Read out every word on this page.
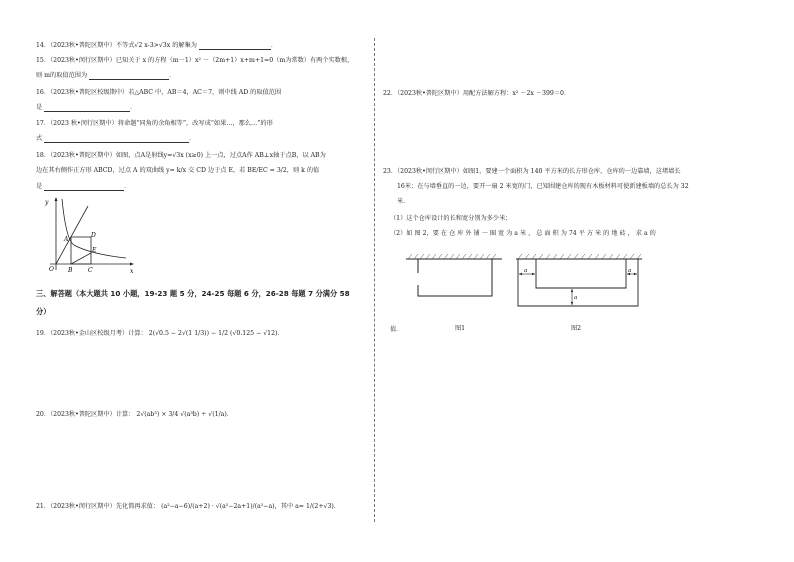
14．（2023秋•普陀区期中）不等式√2 x-3>√3x 的解集为	．
15．（2023秋•闵行区期中）已知关于 x 的方程（m－1）x² －（2m+1）x+m+1=0（m为常数）有两个实数根，
则 m的取值范围为	．
16．（2023秋•普陀区校级期中）若△ABC 中，AB＝4，AC＝7，则中线 AD 的取值范围
是	．
17．（2023 秋•闵行区期中）将命题“同角的余角相等”，改写成“如果…，那么…”的形
式	．
18．（2023秋•普陀区期中）如图，点A是射线y=√3x (x≥0) 上一点，过点A作 AB⊥x轴于点B，以 AB为
边在其右侧作正方形 ABCD，过点 A 的双曲线 y= k/x 交 CD 边于点 E，若 BE/EC = 3/2，则 k 的值
是	．
y
x
O
A
B	C
D
E
三、解答题（本大题共 10 小题，19-23 题 5 分，24-25 每题 6 分，26-28 每题 7 分满分 58
分）
19．（2023秋•金山区校级月考）计算： 2(√0.5 − 2√(1 1/3)) − 1/2 (√0.125 − √12)．
20．（2023秋•普陀区期中）计算： 2√(ab³) × 3/4 √(a³b) ÷ √(1/a)．
21．（2023秋•闵行区期中）先化简再求值： (a²−a−6)/(a+2) · √(a²−2a+1)/(a²−a)，其中 a= 1/(2+√3)．
22．（2023秋•普陀区期中）用配方法解方程：x² －2x －399＝0．
23．（2023秋•闵行区期中）如图1，要建一个面积为 140 平方米的长方形仓库，仓库的一边靠墙，这堵墙长
16米；在与墙垂直的一边，要开一扇 2 米宽的门，已知围建仓库的现有木板材料可使新建板墙的总长为 32
米．
（1）这个仓库设计的长和宽分别为多少米；
（2）如 图 2，要 在 仓 库 外 铺 一 圈 宽 为 a 米 ， 总 面 积 为 74 平 方 米 的 地 砖 ， 求 a 的
a	a
a
值．	图1	图2
